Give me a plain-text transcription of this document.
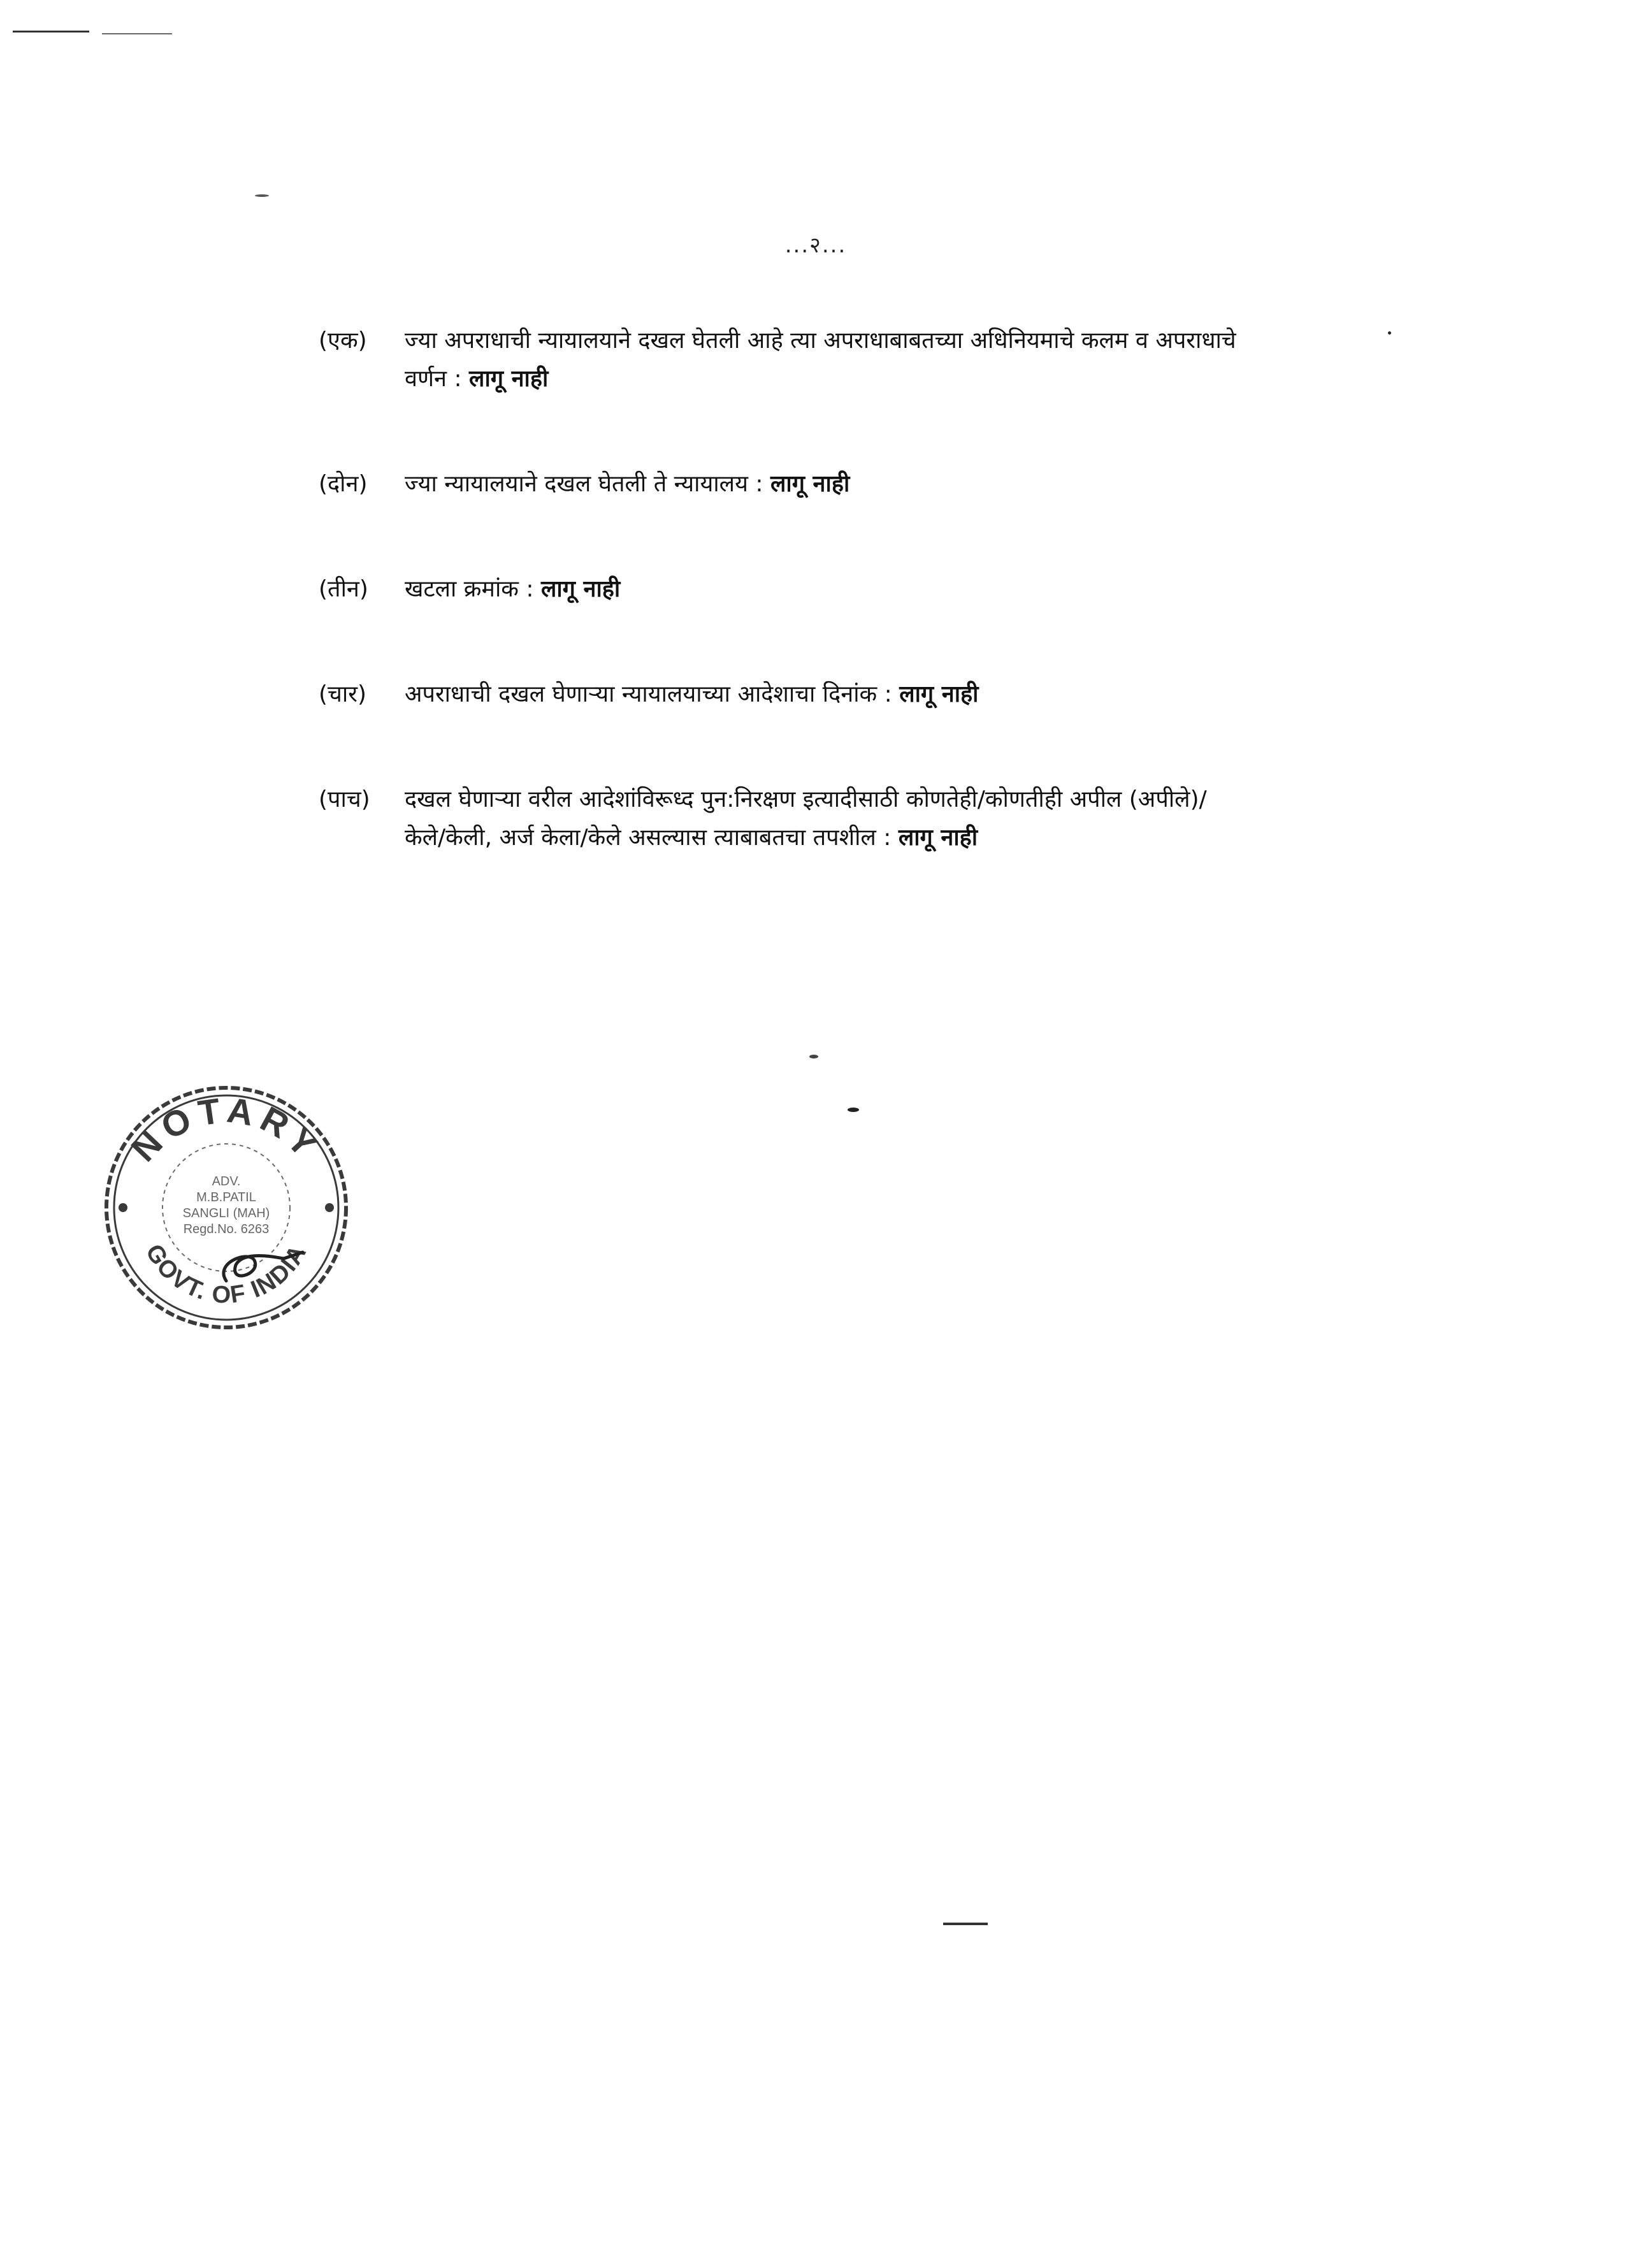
...२...
(एक)	ज्या अपराधाची न्यायालयाने दखल घेतली आहे त्या अपराधाबाबतच्या अधिनियमाचे कलम व अपराधाचे वर्णन : लागू नाही
(दोन)	ज्या न्यायालयाने दखल घेतली ते न्यायालय : लागू नाही
(तीन)	खटला क्रमांक : लागू नाही
(चार)	अपराधाची दखल घेणाऱ्या न्यायालयाच्या आदेशाचा दिनांक : लागू नाही
(पाच)	दखल घेणाऱ्या वरील आदेशांविरूध्द पुन:निरक्षण इत्यादीसाठी कोणतेही/कोणतीही अपील (अपीले)/केले/केली, अर्ज केला/केले असल्यास त्याबाबतचा तपशील : लागू नाही
NOTARY
GOVT. OF INDIA
ADV.
M.B.PATIL
SANGLI (MAH)
Regd.No. 6263
